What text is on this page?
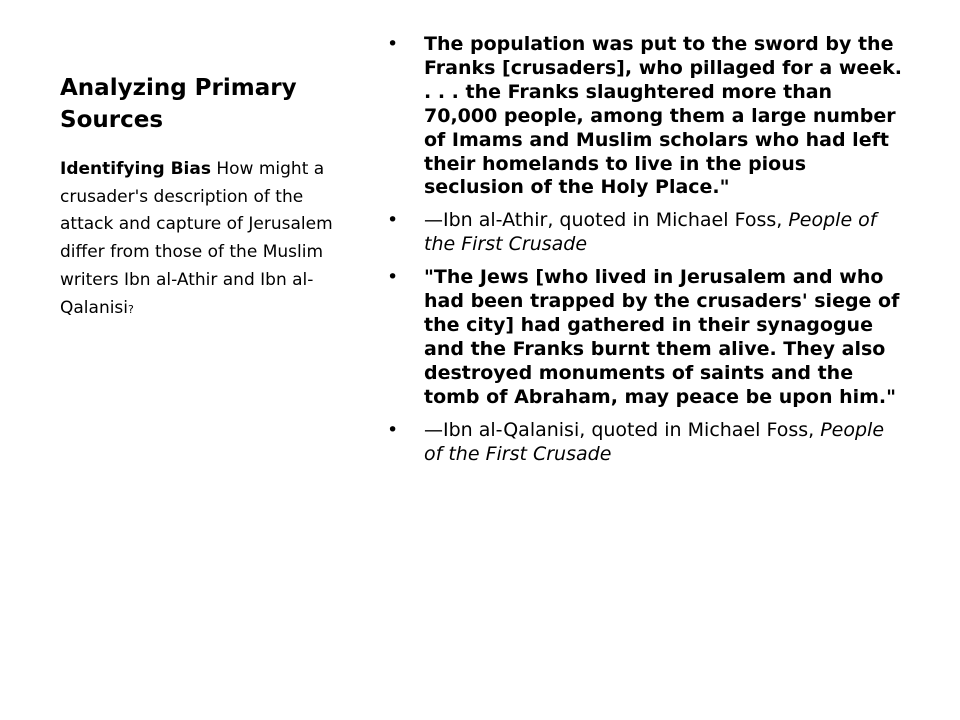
Analyzing Primary Sources

Identifying Bias How might a crusader's description of the attack and capture of Jerusalem differ from those of the Muslim writers Ibn al-Athir and Ibn al-Qalanisi?

• The population was put to the sword by the Franks [crusaders], who pillaged for a week. . . . the Franks slaughtered more than 70,000 people, among them a large number of Imams and Muslim scholars who had left their homelands to live in the pious seclusion of the Holy Place."
• —Ibn al-Athir, quoted in Michael Foss, People of the First Crusade
• "The Jews [who lived in Jerusalem and who had been trapped by the crusaders' siege of the city] had gathered in their synagogue and the Franks burnt them alive. They also destroyed monuments of saints and the tomb of Abraham, may peace be upon him."
• —Ibn al-Qalanisi, quoted in Michael Foss, People of the First Crusade
